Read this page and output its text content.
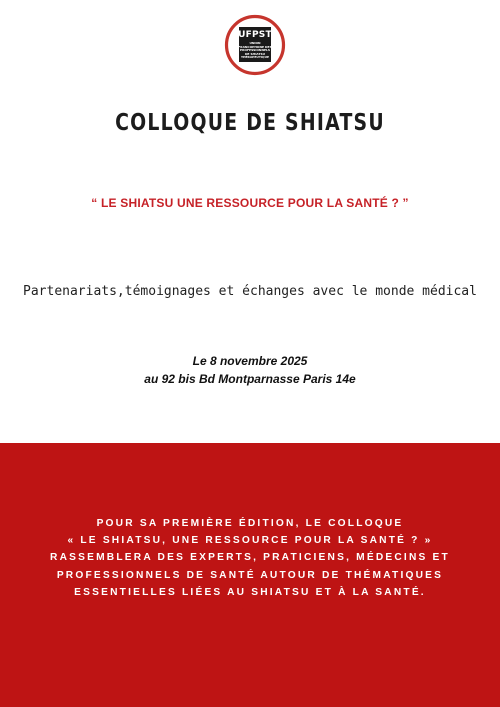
UFPST
UNION FRANCOPHONE DES PROFESSIONNELS DE SHIATSU THÉRAPEUTIQUE
COLLOQUE DE SHIATSU
“ LE SHIATSU UNE RESSOURCE POUR LA SANTÉ ? ”
Partenariats,témoignages et échanges avec le monde médical
Le 8 novembre 2025
au 92 bis Bd Montparnasse Paris 14e
POUR SA PREMIÈRE ÉDITION, LE COLLOQUE
« LE SHIATSU, UNE RESSOURCE POUR LA SANTÉ ? »
RASSEMBLERA DES EXPERTS, PRATICIENS, MÉDECINS ET
PROFESSIONNELS DE SANTÉ AUTOUR DE THÉMATIQUES
ESSENTIELLES LIÉES AU SHIATSU ET À LA SANTÉ.
